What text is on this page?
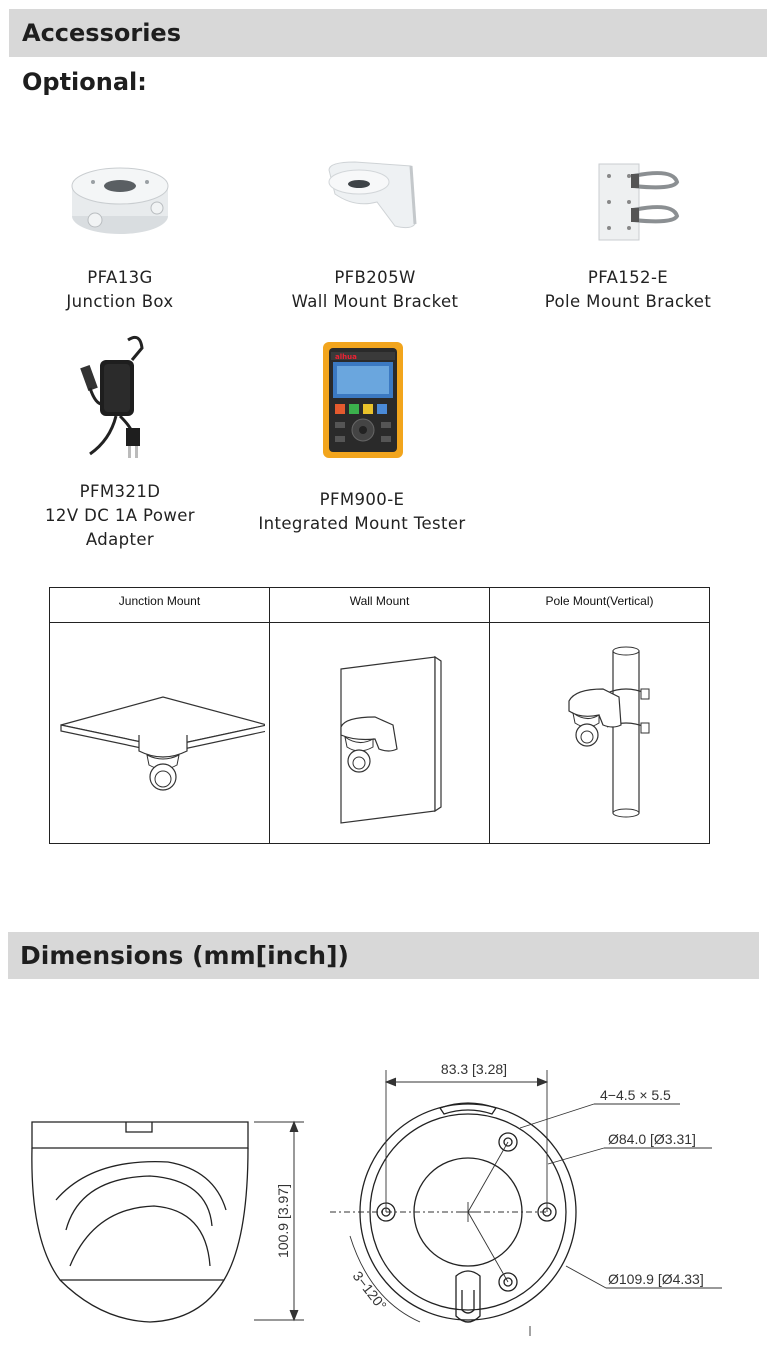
Accessories
Optional:
PFA13G
Junction Box
PFB205W
Wall Mount Bracket
PFA152-E
Pole Mount Bracket
PFM321D
12V DC 1A Power
Adapter
alhua
PFM900-E
Integrated Mount Tester
Junction Mount	Wall Mount	Pole Mount(Vertical)

Dimensions (mm[inch])
100.9 [3.97]
83.3 [3.28]
4−4.5 × 5.5
Ø84.0 [Ø3.31]
Ø109.9 [Ø4.33]
3−120°
